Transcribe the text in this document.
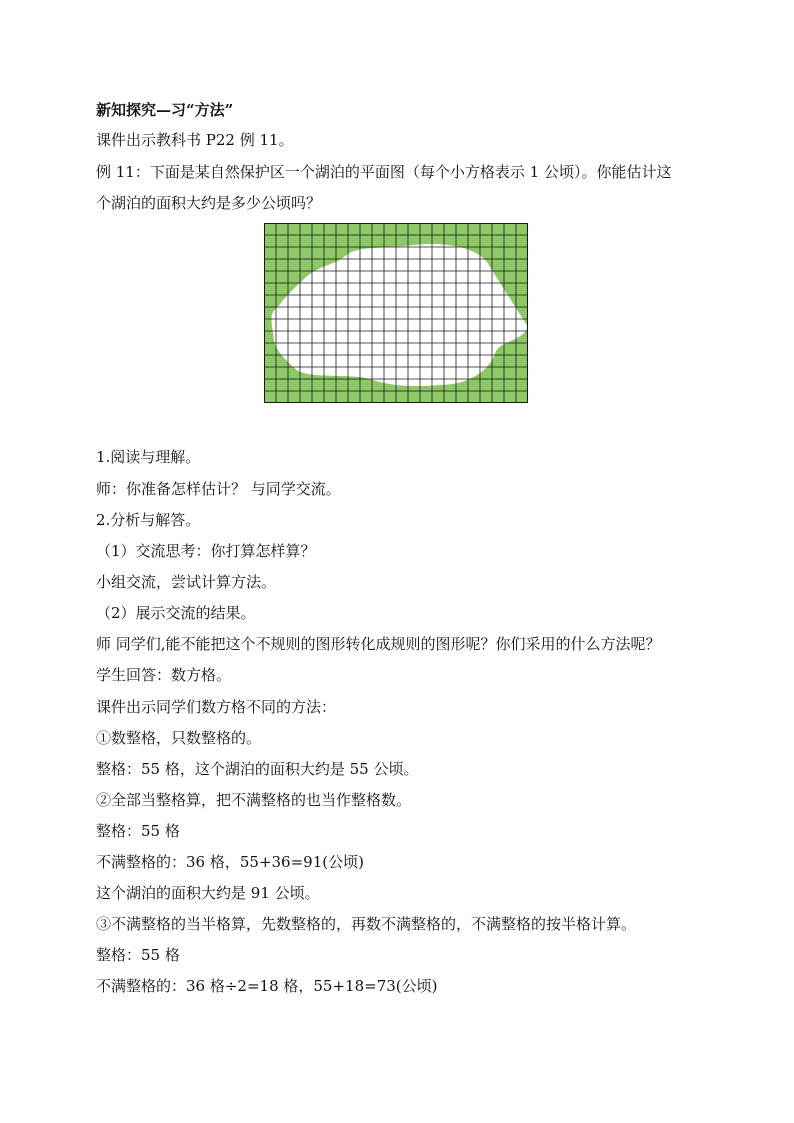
新知探究—习“方法”
课件出示教科书 P22 例 11。
例 11：下面是某自然保护区一个湖泊的平面图（每个小方格表示 1 公顷）。你能估计这
个湖泊的面积大约是多少公顷吗？
1.阅读与理解。
师：你准备怎样估计？ 与同学交流。
2.分析与解答。
（1）交流思考：你打算怎样算？
小组交流，尝试计算方法。
（2）展示交流的结果。
师 同学们,能不能把这个不规则的图形转化成规则的图形呢？你们采用的什么方法呢？
学生回答：数方格。
课件出示同学们数方格不同的方法：
①数整格，只数整格的。
整格：55 格，这个湖泊的面积大约是 55 公顷。
②全部当整格算，把不满整格的也当作整格数。
整格：55 格
不满整格的：36 格，55+36=91(公顷)
这个湖泊的面积大约是 91 公顷。
③不满整格的当半格算，先数整格的，再数不满整格的，不满整格的按半格计算。
整格：55 格
不满整格的：36 格÷2=18 格，55+18=73(公顷)
